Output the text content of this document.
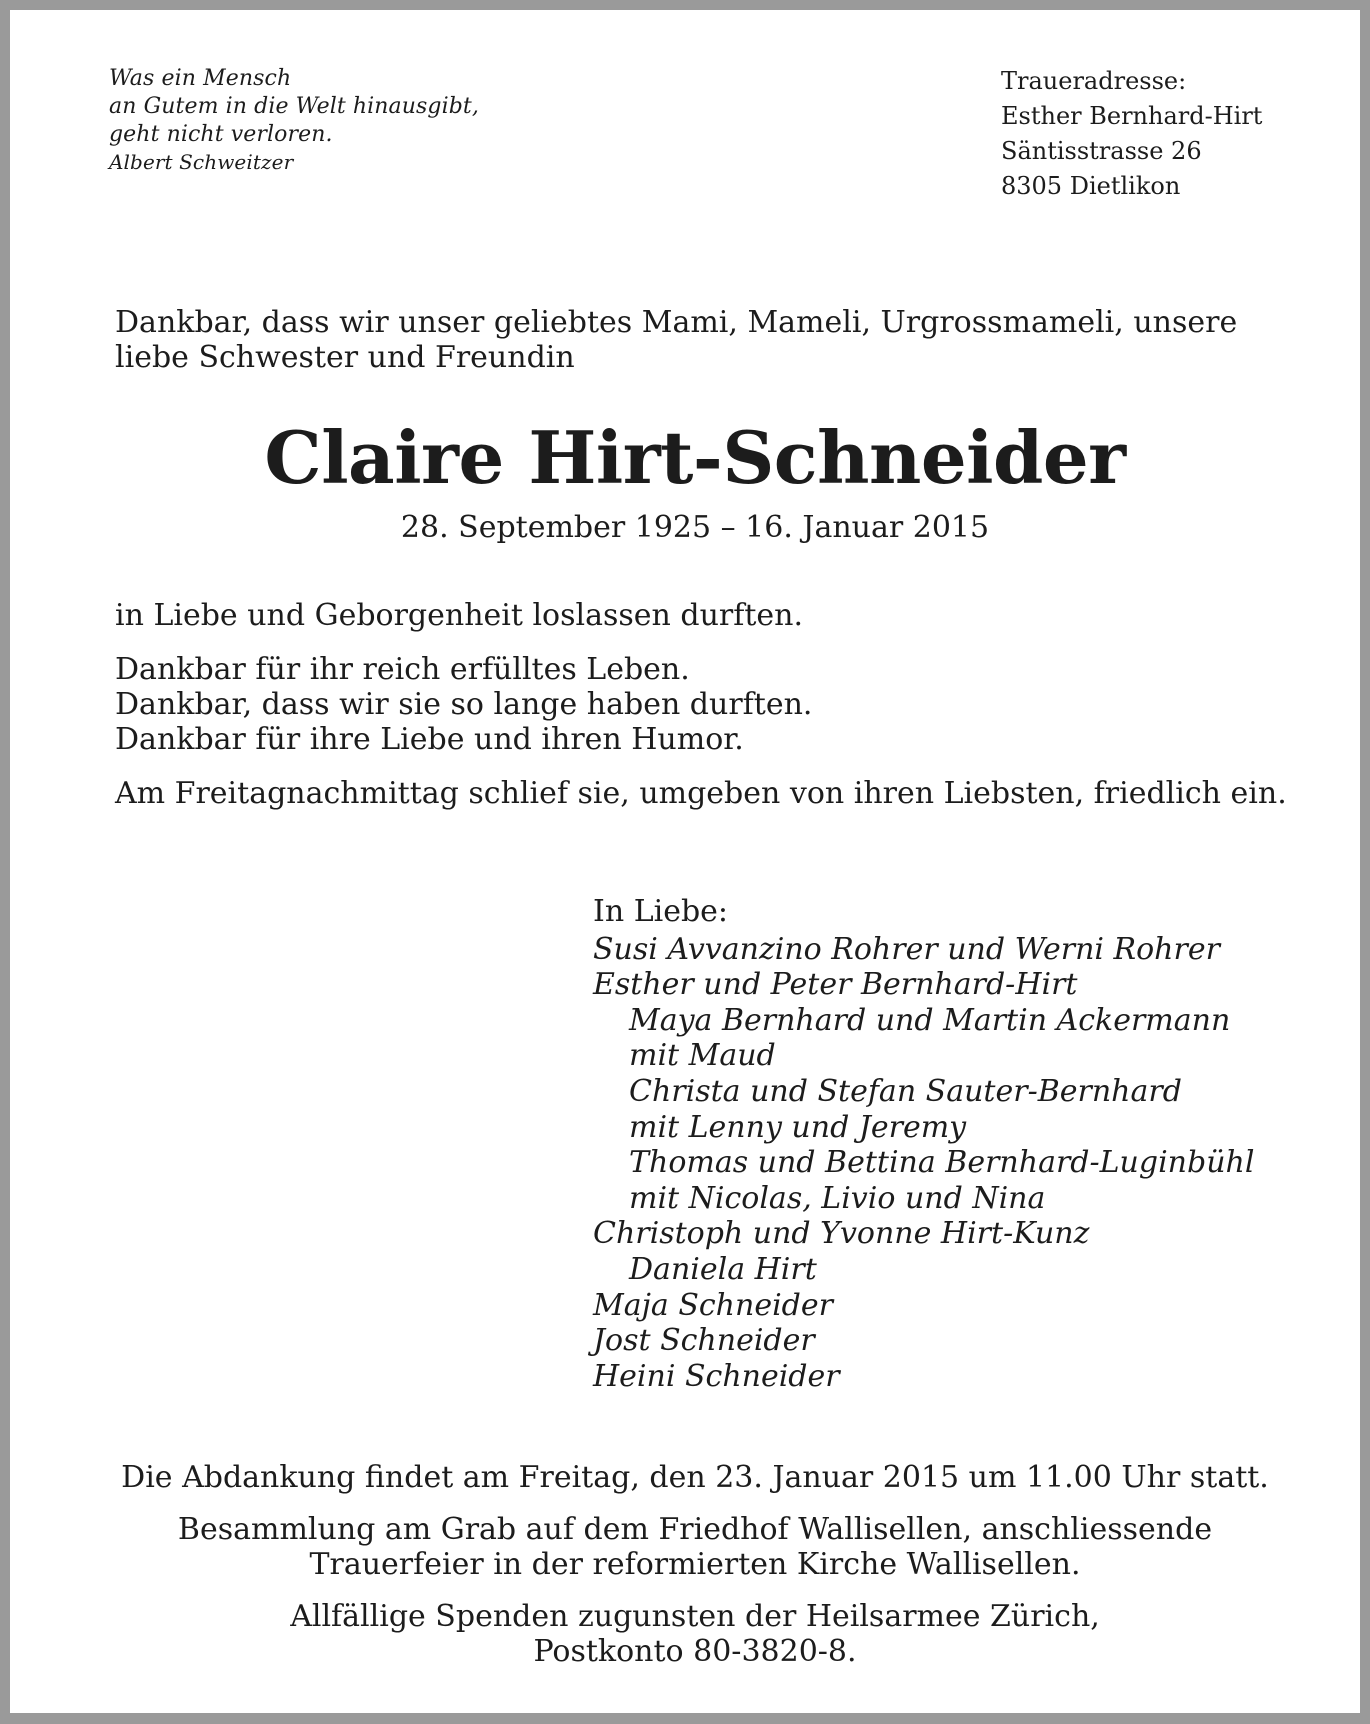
Was ein Mensch
an Gutem in die Welt hinausgibt,
geht nicht verloren.
Albert Schweitzer
Traueradresse:
Esther Bernhard-Hirt
Säntisstrasse 26
8305 Dietlikon
Dankbar, dass wir unser geliebtes Mami, Mameli, Urgrossmameli, unsere
liebe Schwester und Freundin
Claire Hirt-Schneider
28. September 1925 – 16. Januar 2015

in Liebe und Geborgenheit loslassen durften.

Dankbar für ihr reich erfülltes Leben.
Dankbar, dass wir sie so lange haben durften.
Dankbar für ihre Liebe und ihren Humor.

Am Freitagnachmittag schlief sie, umgeben von ihren Liebsten, friedlich ein.

In Liebe:
Susi Avvanzino Rohrer und Werni Rohrer
Esther und Peter Bernhard-Hirt
Maya Bernhard und Martin Ackermann
mit Maud
Christa und Stefan Sauter-Bernhard
mit Lenny und Jeremy
Thomas und Bettina Bernhard-Luginbühl
mit Nicolas, Livio und Nina
Christoph und Yvonne Hirt-Kunz
Daniela Hirt
Maja Schneider
Jost Schneider
Heini Schneider

Die Abdankung findet am Freitag, den 23. Januar 2015 um 11.00 Uhr statt.

Besammlung am Grab auf dem Friedhof Wallisellen, anschliessende
Trauerfeier in der reformierten Kirche Wallisellen.

Allfällige Spenden zugunsten der Heilsarmee Zürich,
Postkonto 80-3820-8.
